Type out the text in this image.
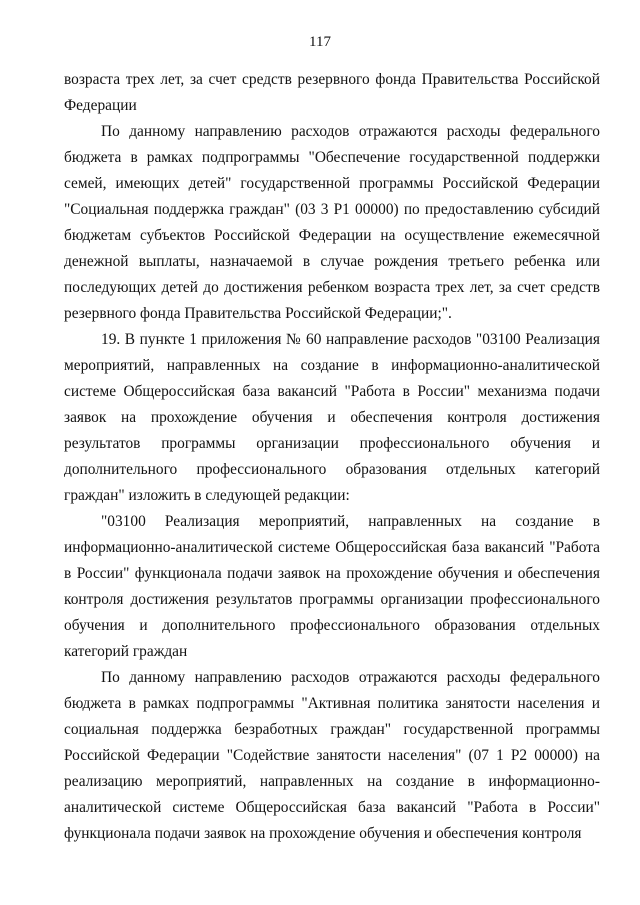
117

возраста трех лет, за счет средств резервного фонда Правительства Российской Федерации

По данному направлению расходов отражаются расходы федерального бюджета в рамках подпрограммы "Обеспечение государственной поддержки семей, имеющих детей" государственной программы Российской Федерации "Социальная поддержка граждан" (03 3 Р1 00000) по предоставлению субсидий бюджетам субъектов Российской Федерации на осуществление ежемесячной денежной выплаты, назначаемой в случае рождения третьего ребенка или последующих детей до достижения ребенком возраста трех лет, за счет средств резервного фонда Правительства Российской Федерации;".

19. В пункте 1 приложения № 60 направление расходов "03100 Реализация мероприятий, направленных на создание в информационно-аналитической системе Общероссийская база вакансий "Работа в России" механизма подачи заявок на прохождение обучения и обеспечения контроля достижения результатов программы организации профессионального обучения и дополнительного профессионального образования отдельных категорий граждан" изложить в следующей редакции:

"03100 Реализация мероприятий, направленных на создание в информационно-аналитической системе Общероссийская база вакансий "Работа в России" функционала подачи заявок на прохождение обучения и обеспечения контроля достижения результатов программы организации профессионального обучения и дополнительного профессионального образования отдельных категорий граждан

По данному направлению расходов отражаются расходы федерального бюджета в рамках подпрограммы "Активная политика занятости населения и социальная поддержка безработных граждан" государственной программы Российской Федерации "Содействие занятости населения" (07 1 Р2 00000) на реализацию мероприятий, направленных на создание в информационно-аналитической системе Общероссийская база вакансий "Работа в России" функционала подачи заявок на прохождение обучения и обеспечения контроля
